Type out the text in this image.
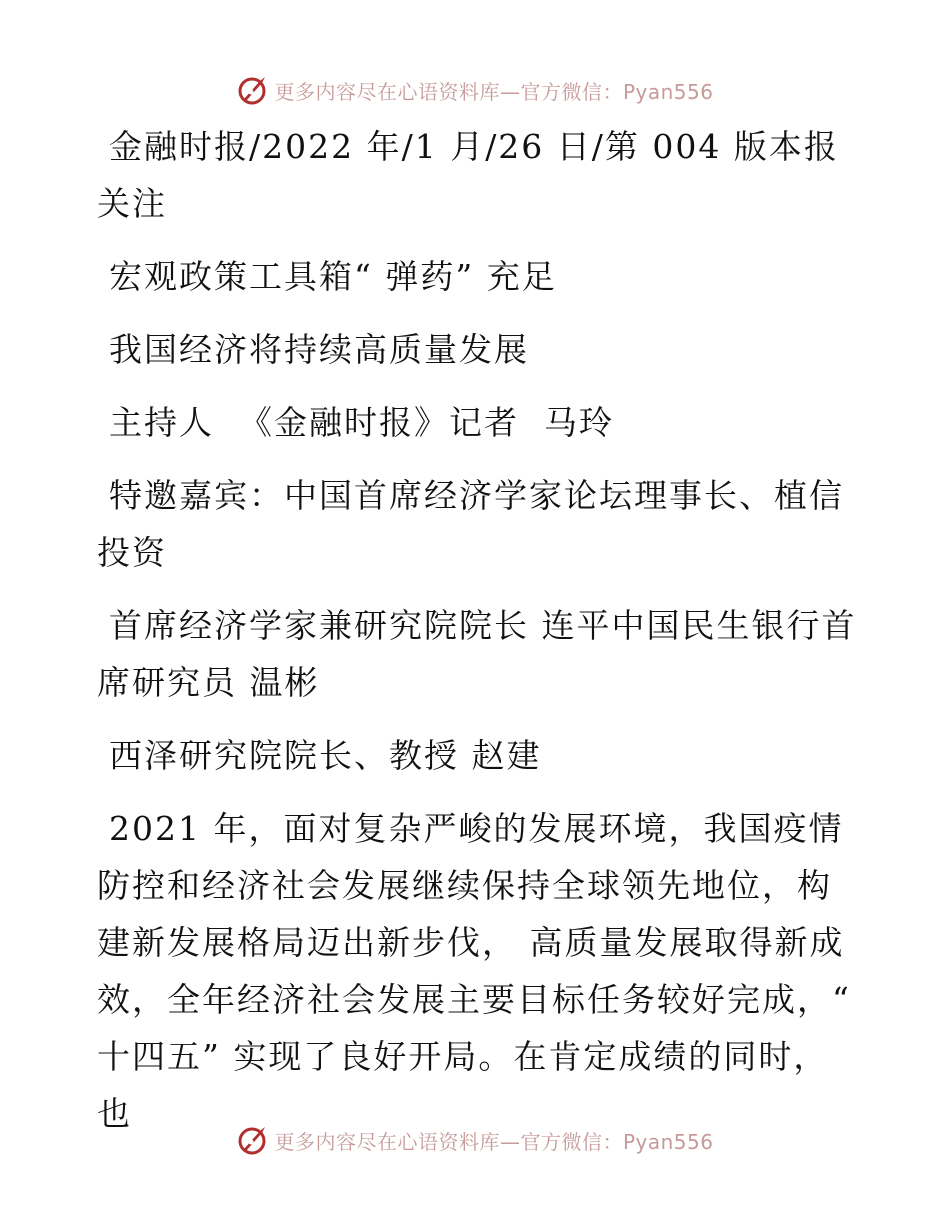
更多内容尽在心语资料库—官方微信：Pyan556

金融时报/2022 年/1 月/26 日/第 004 版本报关注

宏观政策工具箱“ 弹药” 充足

我国经济将持续高质量发展

主持人  《金融时报》记者  马玲

特邀嘉宾：中国首席经济学家论坛理事长、植信投资

首席经济学家兼研究院院长 连平中国民生银行首席研究员 温彬

西泽研究院院长、教授 赵建

2021 年，面对复杂严峻的发展环境，我国疫情防控和经济社会发展继续保持全球领先地位，构建新发展格局迈出新步伐， 高质量发展取得新成效，全年经济社会发展主要目标任务较好完成，“ 十四五” 实现了良好开局。在肯定成绩的同时，也

更多内容尽在心语资料库—官方微信：Pyan556
